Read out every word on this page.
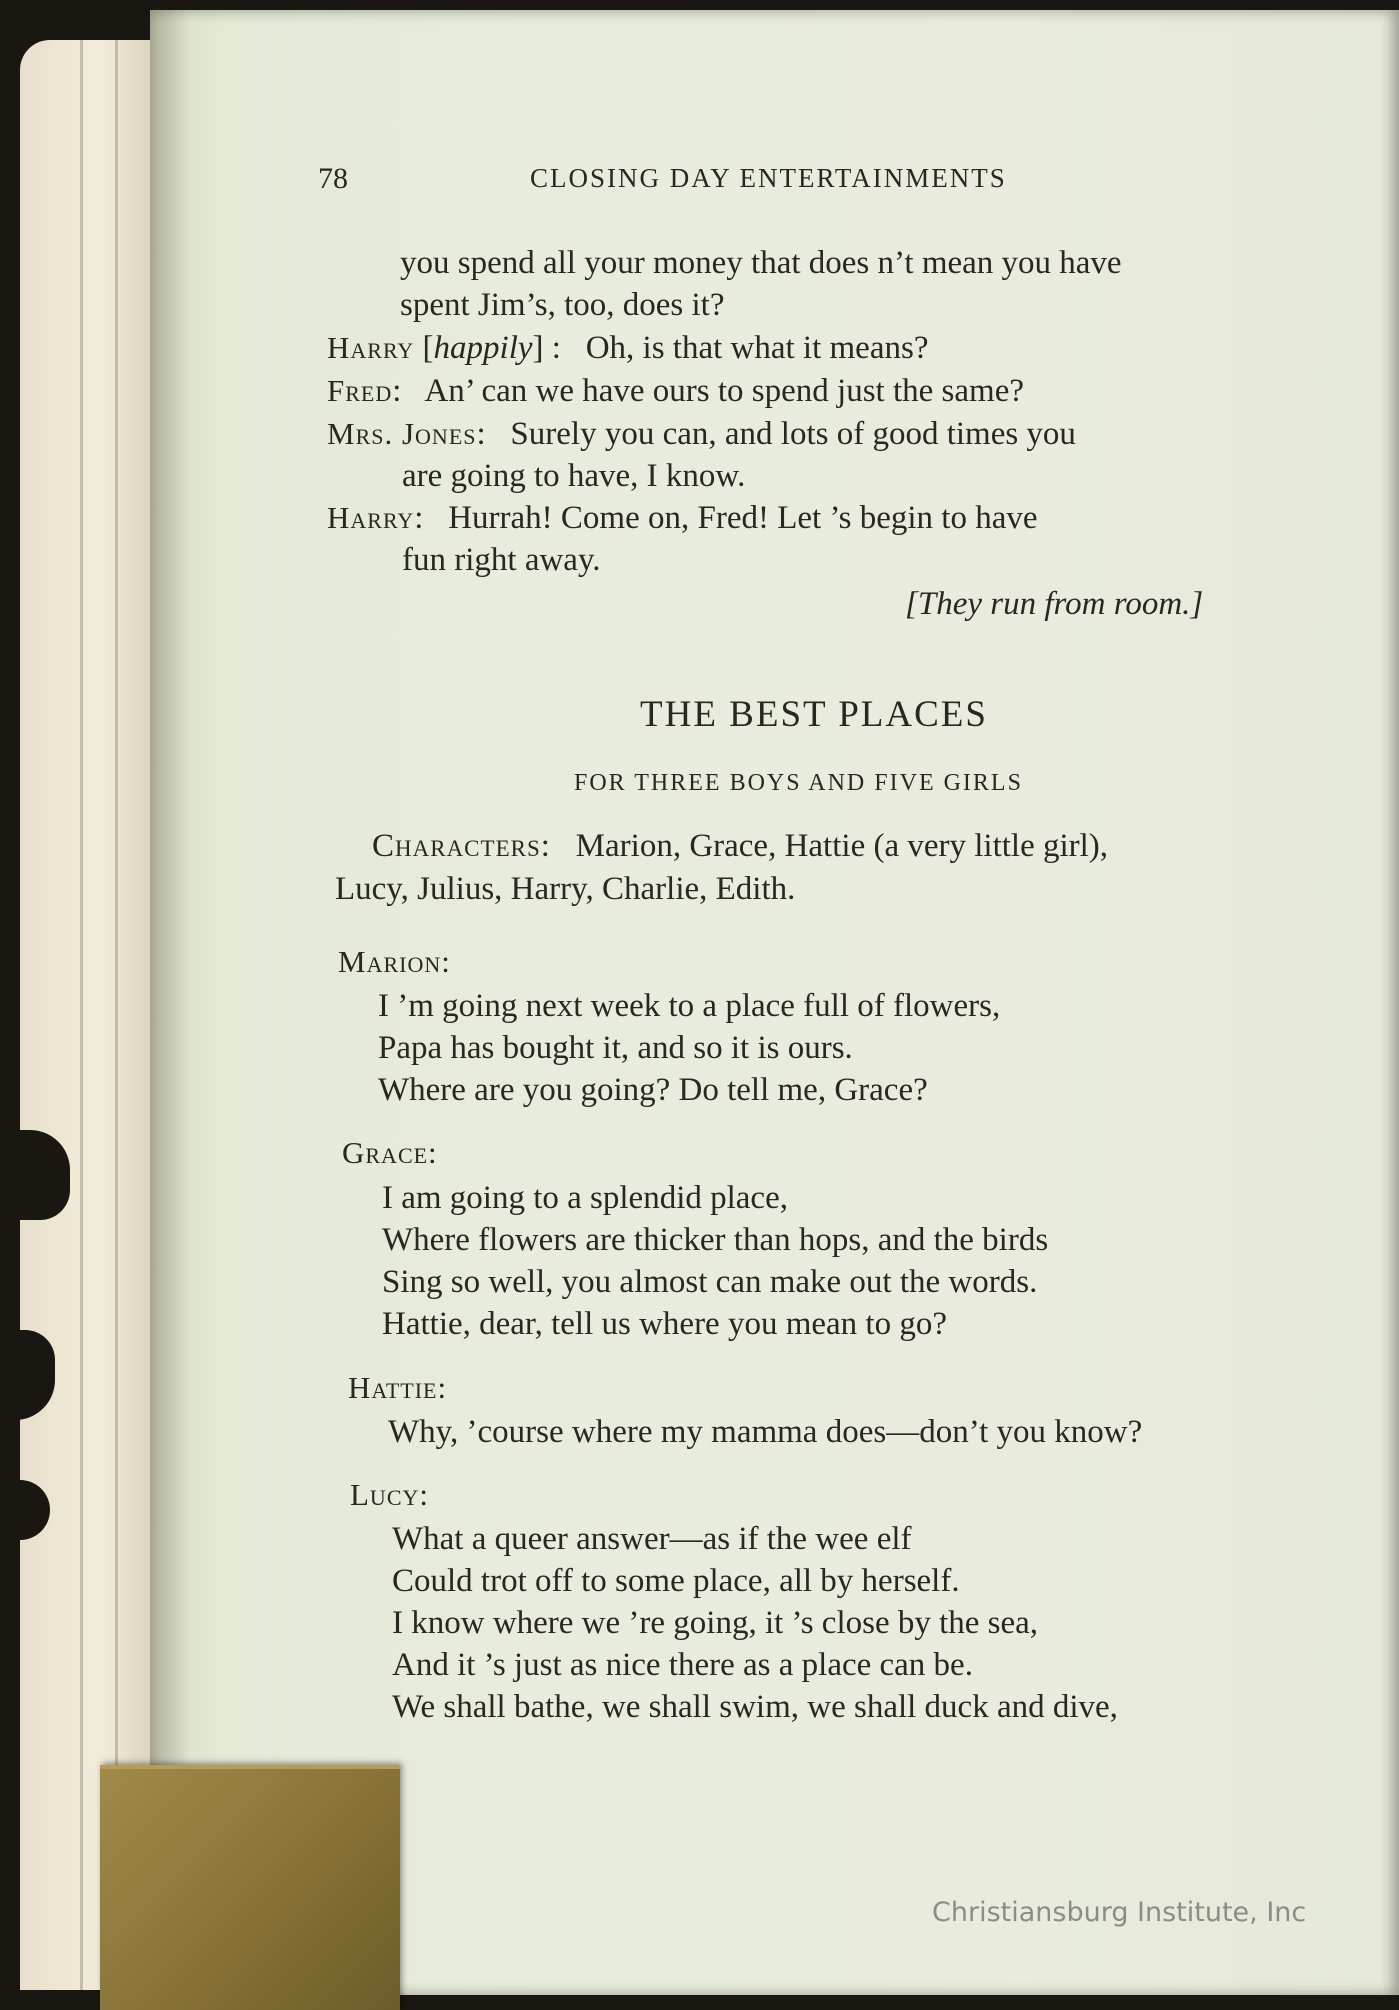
78	CLOSING DAY ENTERTAINMENTS
you spend all your money that does n’t mean you have
spent Jim’s, too, does it?
Harry [happily] :   Oh, is that what it means?
Fred:   An’ can we have ours to spend just the same?
Mrs. Jones:   Surely you can, and lots of good times you
are going to have, I know.
Harry:   Hurrah! Come on, Fred! Let ’s begin to have
fun right away.
[They run from room.]
THE BEST PLACES
FOR THREE BOYS AND FIVE GIRLS
Characters: Marion, Grace, Hattie (a very little girl),
Lucy, Julius, Harry, Charlie, Edith.
Marion:
I ’m going next week to a place full of flowers,
Papa has bought it, and so it is ours.
Where are you going? Do tell me, Grace?
Grace:
I am going to a splendid place,
Where flowers are thicker than hops, and the birds
Sing so well, you almost can make out the words.
Hattie, dear, tell us where you mean to go?
Hattie:
Why, ’course where my mamma does—don’t you know?
Lucy:
What a queer answer—as if the wee elf
Could trot off to some place, all by herself.
I know where we ’re going, it ’s close by the sea,
And it ’s just as nice there as a place can be.
We shall bathe, we shall swim, we shall duck and dive,
Christiansburg Institute, Inc
